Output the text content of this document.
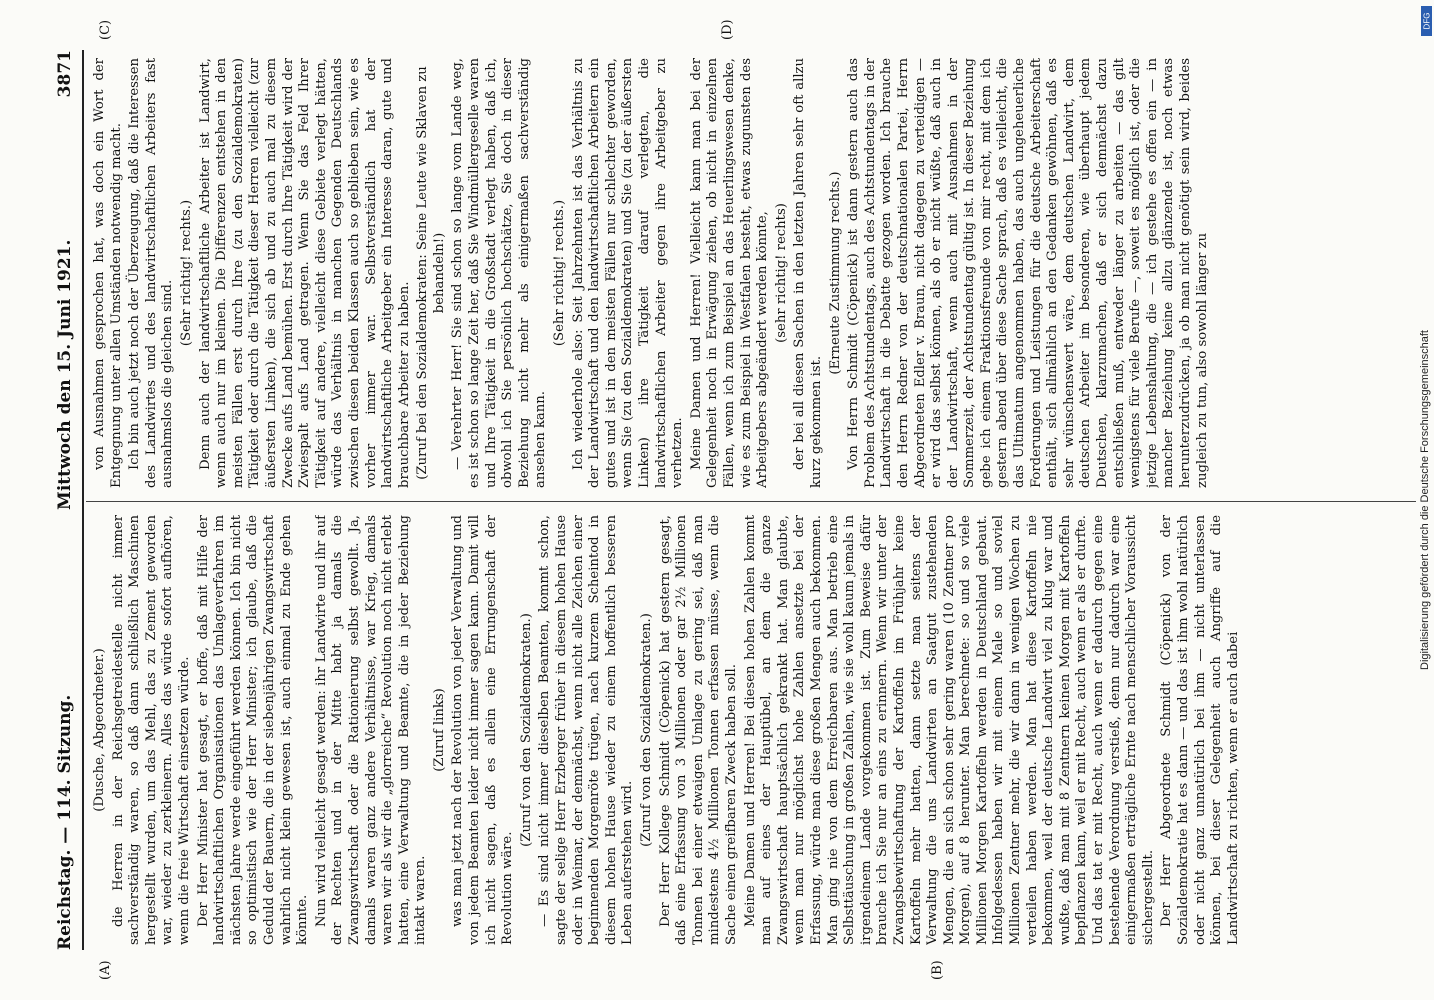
Reichstag. — 114. Sitzung.
Mittwoch den 15. Juni 1921.
3871
(A)	(B)
(C)	(D)

(Dusche, Abgeordneter.) die Herren in der Reichsgetreidestelle nicht immer sachverständig waren, so daß dann schließlich Maschinen hergestellt wurden, um das Mehl, das zu Zement geworden war, wieder zu zerkleinern. Alles das würde sofort aufhören, wenn die freie Wirtschaft einsetzen würde. Der Herr Minister hat gesagt, er hoffe, daß mit Hilfe der landwirtschaftlichen Organisationen das Umlageverfahren im nächsten Jahre werde eingeführt werden können. Ich bin nicht so optimistisch wie der Herr Minister; ich glaube, daß die Geduld der Bauern, die in der siebenjährigen Zwangswirtschaft wahrlich nicht klein gewesen ist, auch einmal zu Ende gehen könnte. Nun wird vielleicht gesagt werden: ihr Landwirte und ihr auf der Rechten und in der Mitte habt ja damals die Zwangswirtschaft oder die Rationierung selbst gewollt. Ja, damals waren ganz andere Verhältnisse, war Krieg, damals waren wir als wir die „glorreiche“ Revolution noch nicht erlebt hatten, eine Verwaltung und Beamte, die in jeder Beziehung intakt waren.

(Zuruf links) was man jetzt nach der Revolution von jeder Verwaltung und von jedem Beamten leider nicht immer sagen kann. Damit will ich nicht sagen, daß es allein eine Errungenschaft der Revolution wäre.

(Zuruf von den Sozialdemokraten.) — Es sind nicht immer dieselben Beamten, kommt schon, sagte der selige Herr Erzberger früher in diesem hohen Hause oder in Weimar, der demnächst, wenn nicht alle Zeichen einer beginnenden Morgenröte trügen, nach kurzem Scheintod in diesem hohen Hause wieder zu einem hoffentlich besseren Leben auferstehen wird.

(Zuruf von den Sozialdemokraten.) Der Herr Kollege Schmidt (Cöpenick) hat gestern gesagt, daß eine Erfassung von 3 Millionen oder gar 2½ Millionen Tonnen bei einer etwaigen Umlage zu gering sei, daß man mindestens 4½ Millionen Tonnen erfassen müsse, wenn die Sache einen greifbaren Zweck haben soll. Meine Damen und Herren! Bei diesen hohen Zahlen kommt man auf eines der Hauptübel, an dem die ganze Zwangswirtschaft hauptsächlich gekrankt hat. Man glaubte, wenn man nur möglichst hohe Zahlen ansetzte bei der Erfassung, würde man diese großen Mengen auch bekommen. Man ging nie von dem Erreichbaren aus. Man betrieb eine Selbsttäuschung in großen Zahlen, wie sie wohl kaum jemals in irgendeinem Lande vorgekommen ist. Zum Beweise dafür brauche ich Sie nur an eins zu erinnern. Wenn wir unter der Zwangsbewirtschaftung der Kartoffeln im Frühjahr keine Kartoffeln mehr hatten, dann setzte man seitens der Verwaltung die uns Landwirten an Saatgut zustehenden Mengen, die an sich schon sehr gering waren (10 Zentner pro Morgen), auf 8 herunter. Man berechnete: so und so viele Millionen Morgen Kartoffeln werden in Deutschland gebaut. Infolgedessen haben wir mit einem Male so und soviel Millionen Zentner mehr, die wir dann in wenigen Wochen zu verteilen haben werden. Man hat diese Kartoffeln nie bekommen, weil der deutsche Landwirt viel zu klug war und wußte, daß man mit 8 Zentnern keinen Morgen mit Kartoffeln bepflanzen kann, weil er mit Recht, auch wenn er als er durfte. Und das tat er mit Recht, auch wenn er dadurch gegen eine bestehende Verordnung verstieß, denn nur dadurch war eine einigermaßen erträgliche Ernte nach menschlicher Voraussicht sichergestellt. Der Herr Abgeordnete Schmidt (Cöpenick) von der Sozialdemokratie hat es dann — und das ist ihm wohl natürlich oder nicht ganz unnatürlich bei ihm — nicht unterlassen können, bei dieser Gelegenheit auch Angriffe auf die Landwirtschaft zu richten, wenn er auch dabei

von Ausnahmen gesprochen hat, was doch ein Wort der Entgegnung unter allen Umständen notwendig macht. Ich bin auch jetzt noch der Überzeugung, daß die Interessen des Landwirtes und des landwirtschaftlichen Arbeiters fast ausnahmslos die gleichen sind.

(Sehr richtig! rechts.) Denn auch der landwirtschaftliche Arbeiter ist Landwirt, wenn auch nur im kleinen. Die Differenzen entstehen in den meisten Fällen erst durch Ihre (zu den Sozialdemokraten) Tätigkeit oder durch die Tätigkeit dieser Herren vielleicht (zur äußersten Linken), die sich ab und zu auch mal zu diesem Zwecke aufs Land bemühen. Erst durch Ihre Tätigkeit wird der Zwiespalt aufs Land getragen. Wenn Sie das Feld Ihrer Tätigkeit auf andere, vielleicht diese Gebiete verlegt hätten, würde das Verhältnis in manchen Gegenden Deutschlands zwischen diesen beiden Klassen auch so geblieben sein, wie es vorher immer war. Selbstverständlich hat der landwirtschaftliche Arbeitgeber ein Interesse daran, gute und brauchbare Arbeiter zu haben. (Zuruf bei den Sozialdemokraten: Seine Leute wie Sklaven zu behandeln!) — Verehrter Herr! Sie sind schon so lange vom Lande weg, es ist schon so lange Zeit her, daß Sie Windmüllergeselle waren und Ihre Tätigkeit in die Großstadt verlegt haben, daß ich, obwohl ich Sie persönlich hochschätze, Sie doch in dieser Beziehung nicht mehr als einigermaßen sachverständig ansehen kann.

(Sehr richtig! rechts.) Ich wiederhole also: Seit Jahrzehnten ist das Verhältnis zu der Landwirtschaft und den landwirtschaftlichen Arbeitern ein gutes und ist in den meisten Fällen nur schlechter geworden, wenn Sie (zu den Sozialdemokraten) und Sie (zu der äußersten Linken) ihre Tätigkeit darauf verlegten, die landwirtschaftlichen Arbeiter gegen ihre Arbeitgeber zu verhetzen. Meine Damen und Herren! Vielleicht kann man bei der Gelegenheit noch in Erwägung ziehen, ob nicht in einzelnen Fällen, wenn ich zum Beispiel an das Heuerlingswesen denke, wie es zum Beispiel in Westfalen besteht, etwas zugunsten des Arbeitgebers abgeändert werden könnte, (sehr richtig! rechts) der bei all diesen Sachen in den letzten Jahren sehr oft allzu kurz gekommen ist.

(Erneute Zustimmung rechts.) Von Herrn Schmidt (Cöpenick) ist dann gestern auch das Problem des Achtstundentags, auch des Achtstundentags in der Landwirtschaft in die Debatte gezogen worden. Ich brauche den Herrn Redner von der deutschnationalen Partei, Herrn Abgeordneten Edler v. Braun, nicht dagegen zu verteidigen — er wird das selbst können, als ob er nicht wüßte, daß auch in der Landwirtschaft, wenn auch mit Ausnahmen in der Sommerzeit, der Achtstundentag gültig ist. In dieser Beziehung gebe ich einem Fraktionsfreunde von mir recht, mit dem ich gestern abend über diese Sache sprach, daß es vielleicht, die das Ultimatum angenommen haben, das auch ungeheuerliche Forderungen und Leistungen für die deutsche Arbeiterschaft enthält, sich allmählich an den Gedanken gewöhnen, daß es sehr wünschenswert wäre, dem deutschen Landwirt, dem deutschen Arbeiter im besonderen, wie überhaupt jedem Deutschen, klarzumachen, daß er sich demnächst dazu entschließen muß, entweder länger zu arbeiten — das gilt wenigstens für viele Berufe —, soweit es möglich ist, oder die jetzige Lebenshaltung, die — ich gestehe es offen ein — in mancher Beziehung keine allzu glänzende ist, noch etwas herunterzudrücken, ja ob man nicht genötigt sein wird, beides zugleich zu tun, also sowohl länger zu	Digitalisierung gefördert durch die Deutsche Forschungsgemeinschaft
DFG
